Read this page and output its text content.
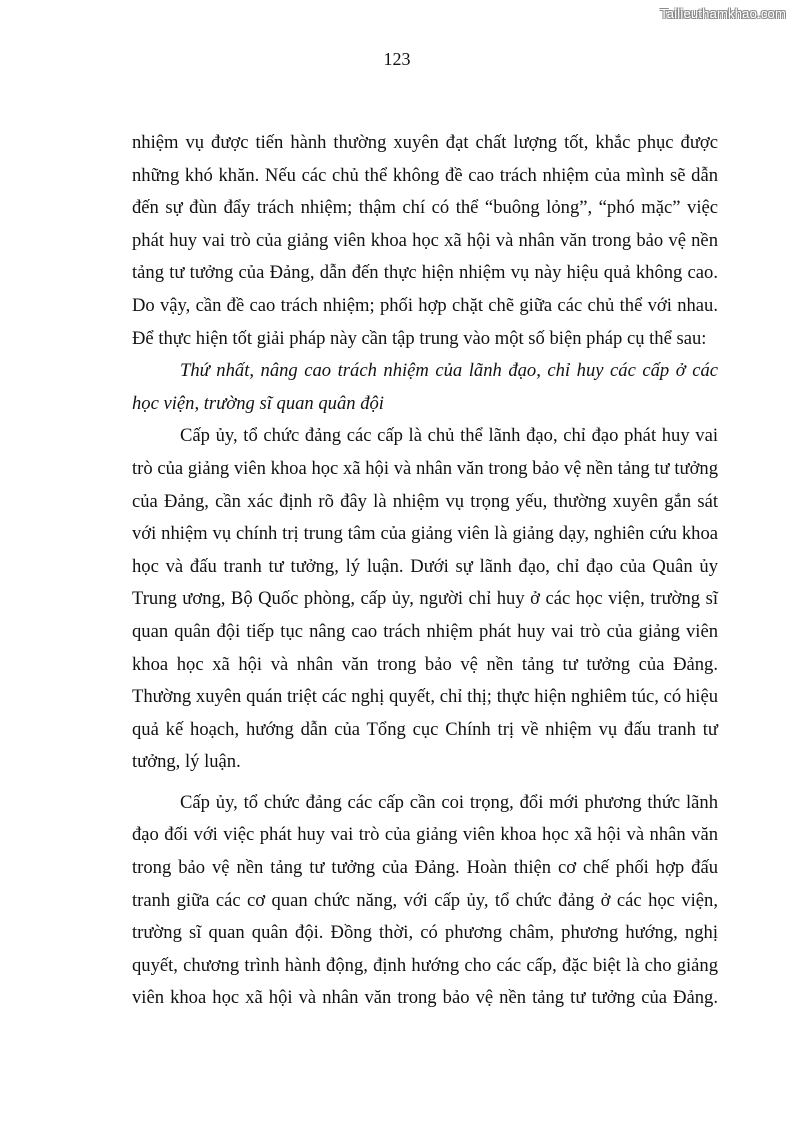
Tailieuthamkhao.com
123

nhiệm vụ được tiến hành thường xuyên đạt chất lượng tốt, khắc phục được những khó khăn. Nếu các chủ thể không đề cao trách nhiệm của mình sẽ dẫn đến sự đùn đẩy trách nhiệm; thậm chí có thể “buông lỏng”, “phó mặc” việc phát huy vai trò của giảng viên khoa học xã hội và nhân văn trong bảo vệ nền tảng tư tưởng của Đảng, dẫn đến thực hiện nhiệm vụ này hiệu quả không cao. Do vậy, cần đề cao trách nhiệm; phối hợp chặt chẽ giữa các chủ thể với nhau. Để thực hiện tốt giải pháp này cần tập trung vào một số biện pháp cụ thể sau:

Thứ nhất, nâng cao trách nhiệm của lãnh đạo, chỉ huy các cấp ở các học viện, trường sĩ quan quân đội

Cấp ủy, tổ chức đảng các cấp là chủ thể lãnh đạo, chỉ đạo phát huy vai trò của giảng viên khoa học xã hội và nhân văn trong bảo vệ nền tảng tư tưởng của Đảng, cần xác định rõ đây là nhiệm vụ trọng yếu, thường xuyên gắn sát với nhiệm vụ chính trị trung tâm của giảng viên là giảng dạy, nghiên cứu khoa học và đấu tranh tư tưởng, lý luận. Dưới sự lãnh đạo, chỉ đạo của Quân ủy Trung ương, Bộ Quốc phòng, cấp ủy, người chỉ huy ở các học viện, trường sĩ quan quân đội tiếp tục nâng cao trách nhiệm phát huy vai trò của giảng viên khoa học xã hội và nhân văn trong bảo vệ nền tảng tư tưởng của Đảng. Thường xuyên quán triệt các nghị quyết, chỉ thị; thực hiện nghiêm túc, có hiệu quả kế hoạch, hướng dẫn của Tổng cục Chính trị về nhiệm vụ đấu tranh tư tưởng, lý luận.

Cấp ủy, tổ chức đảng các cấp cần coi trọng, đổi mới phương thức lãnh đạo đối với việc phát huy vai trò của giảng viên khoa học xã hội và nhân văn trong bảo vệ nền tảng tư tưởng của Đảng. Hoàn thiện cơ chế phối hợp đấu tranh giữa các cơ quan chức năng, với cấp ủy, tổ chức đảng ở các học viện, trường sĩ quan quân đội. Đồng thời, có phương châm, phương hướng, nghị quyết, chương trình hành động, định hướng cho các cấp, đặc biệt là cho giảng viên khoa học xã hội và nhân văn trong bảo vệ nền tảng tư tưởng của Đảng.
